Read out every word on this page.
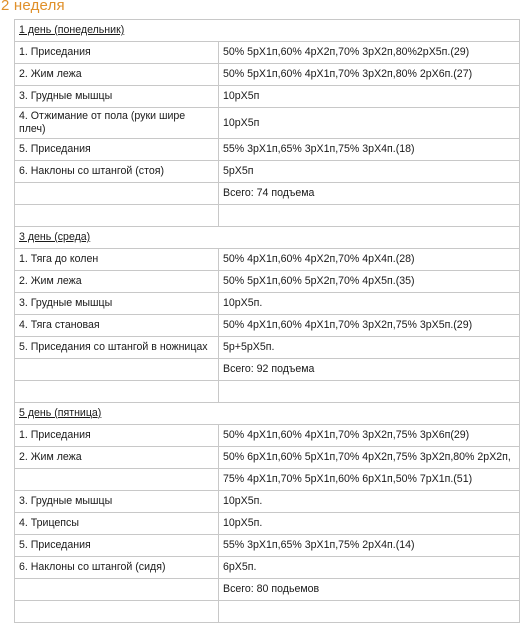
2 неделя
1 день (понедельник)	
1. Приседания	50% 5рХ1п,60% 4рХ2п,70% 3рХ2п,80%2рХ5п.(29)
2. Жим лежа	50% 5рХ1п,60% 4рХ1п,70% 3рХ2п,80% 2рХ6п.(27)
3. Грудные мышцы	10рХ5п
4. Отжимание от пола (руки шире плеч)	10рХ5п
5. Приседания	55% 3рХ1п,65% 3рХ1п,75% 3рХ4п.(18)
6. Наклоны со штангой (стоя)	5рХ5п
	Всего: 74 подъема

3 день (среда)	
1. Тяга до колен	50% 4рХ1п,60% 4рХ2п,70% 4рХ4п.(28)
2. Жим лежа	50% 5рХ1п,60% 5рХ2п,70% 4рХ5п.(35)
3. Грудные мышцы	10рХ5п.
4. Тяга становая	50% 4рХ1п,60% 4рХ1п,70% 3рХ2п,75% 3рХ5п.(29)
5. Приседания со штангой в ножницах	5р+5рХ5п.
	Всего: 92 подъема

5 день (пятница)	
1. Приседания	50% 4рХ1п,60% 4рХ1п,70% 3рХ2п,75% 3рХ6п(29)
2. Жим лежа	50% 6рХ1п,60% 5рХ1п,70% 4рХ2п,75% 3рХ2п,80% 2рХ2п,
	75% 4рХ1п,70% 5рХ1п,60% 6рХ1п,50% 7рХ1п.(51)
3. Грудные мышцы	10рХ5п.
4. Трицепсы	10рХ5п.
5. Приседания	55% 3рХ1п,65% 3рХ1п,75% 2рХ4п.(14)
6. Наклоны со штангой (сидя)	6рХ5п.
	Всего: 80 подьемов
